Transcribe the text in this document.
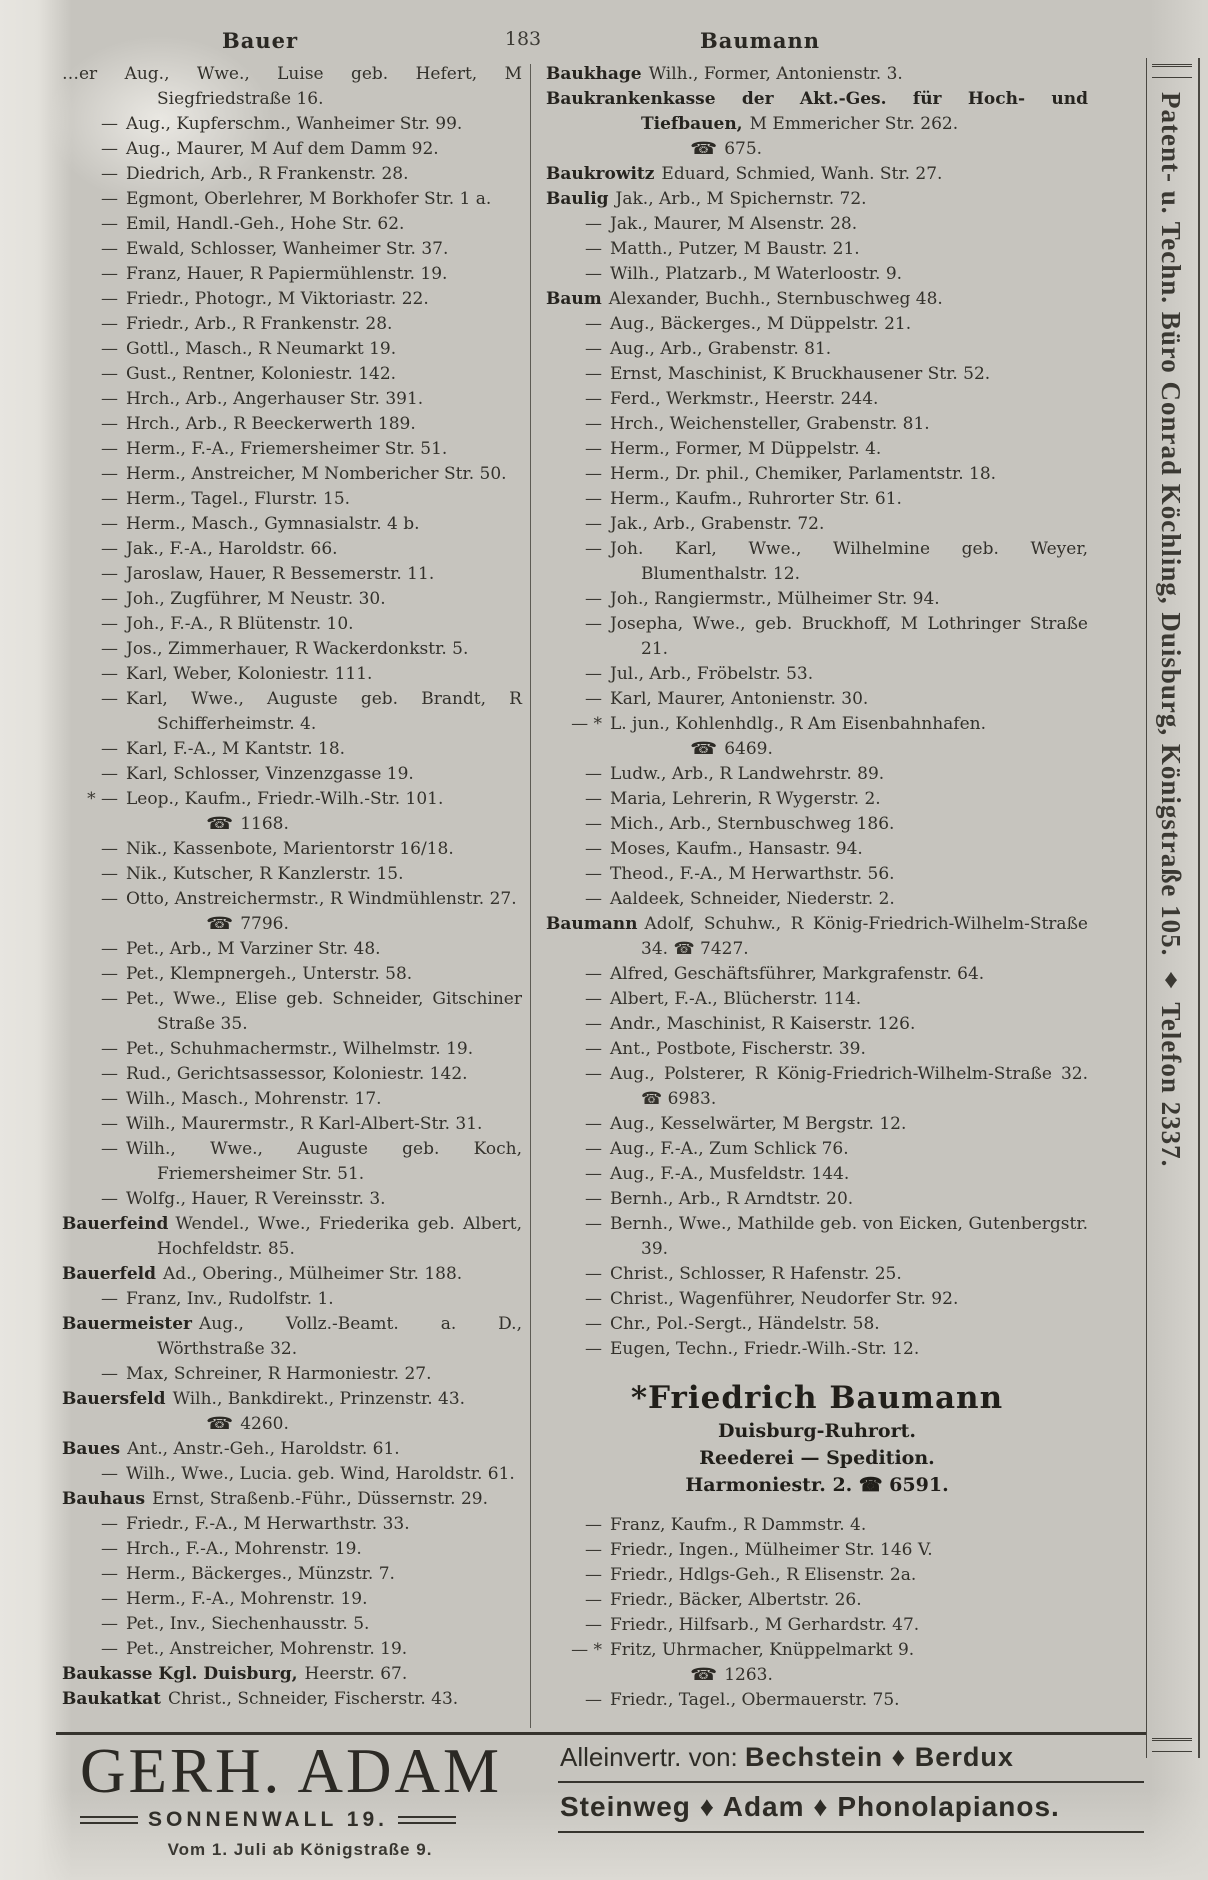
Bauer	183	Baumann
…er Aug., Wwe., Luise geb. Hefert, M Siegfriedstraße 16.
— Aug., Kupferschm., Wanheimer Str. 99.
— Aug., Maurer, M Auf dem Damm 92.
— Diedrich, Arb., R Frankenstr. 28.
— Egmont, Oberlehrer, M Borkhofer Str. 1 a.
— Emil, Handl.-Geh., Hohe Str. 62.
— Ewald, Schlosser, Wanheimer Str. 37.
— Franz, Hauer, R Papiermühlenstr. 19.
— Friedr., Photogr., M Viktoriastr. 22.
— Friedr., Arb., R Frankenstr. 28.
— Gottl., Masch., R Neumarkt 19.
— Gust., Rentner, Koloniestr. 142.
— Hrch., Arb., Angerhauser Str. 391.
— Hrch., Arb., R Beeckerwerth 189.
— Herm., F.-A., Friemersheimer Str. 51.
— Herm., Anstreicher, M Nombericher Str. 50.
— Herm., Tagel., Flurstr. 15.
— Herm., Masch., Gymnasialstr. 4 b.
— Jak., F.-A., Haroldstr. 66.
— Jaroslaw, Hauer, R Bessemerstr. 11.
— Joh., Zugführer, M Neustr. 30.
— Joh., F.-A., R Blütenstr. 10.
— Jos., Zimmerhauer, R Wackerdonkstr. 5.
— Karl, Weber, Koloniestr. 111.
— Karl, Wwe., Auguste geb. Brandt, R Schifferheimstr. 4.
— Karl, F.-A., M Kantstr. 18.
— Karl, Schlosser, Vinzenzgasse 19.
* — Leop., Kaufm., Friedr.-Wilh.-Str. 101.
☎ 1168.
— Nik., Kassenbote, Marientorstr 16/18.
— Nik., Kutscher, R Kanzlerstr. 15.
— Otto, Anstreichermstr., R Windmühlenstr. 27.
☎ 7796.
— Pet., Arb., M Varziner Str. 48.
— Pet., Klempnergeh., Unterstr. 58.
— Pet., Wwe., Elise geb. Schneider, Gitschiner Straße 35.
— Pet., Schuhmachermstr., Wilhelmstr. 19.
— Rud., Gerichtsassessor, Koloniestr. 142.
— Wilh., Masch., Mohrenstr. 17.
— Wilh., Maurermstr., R Karl-Albert-Str. 31.
— Wilh., Wwe., Auguste geb. Koch, Friemersheimer Str. 51.
— Wolfg., Hauer, R Vereinsstr. 3.
Bauerfeind Wendel., Wwe., Friederika geb. Albert, Hochfeldstr. 85.
Bauerfeld Ad., Obering., Mülheimer Str. 188.
— Franz, Inv., Rudolfstr. 1.
Bauermeister Aug., Vollz.-Beamt. a. D., Wörthstraße 32.
— Max, Schreiner, R Harmoniestr. 27.
Bauersfeld Wilh., Bankdirekt., Prinzenstr. 43.
☎ 4260.
Baues Ant., Anstr.-Geh., Haroldstr. 61.
— Wilh., Wwe., Lucia. geb. Wind, Haroldstr. 61.
Bauhaus Ernst, Straßenb.-Führ., Düssernstr. 29.
— Friedr., F.-A., M Herwarthstr. 33.
— Hrch., F.-A., Mohrenstr. 19.
— Herm., Bäckerges., Münzstr. 7.
— Herm., F.-A., Mohrenstr. 19.
— Pet., Inv., Siechenhausstr. 5.
— Pet., Anstreicher, Mohrenstr. 19.
Baukasse Kgl. Duisburg, Heerstr. 67.
Baukatkat Christ., Schneider, Fischerstr. 43.
Baukhage Wilh., Former, Antonienstr. 3.
Baukrankenkasse der Akt.-Ges. für Hoch- und Tiefbauen, M Emmericher Str. 262.
☎ 675.
Baukrowitz Eduard, Schmied, Wanh. Str. 27.
Baulig Jak., Arb., M Spichernstr. 72.
— Jak., Maurer, M Alsenstr. 28.
— Matth., Putzer, M Baustr. 21.
— Wilh., Platzarb., M Waterloostr. 9.
Baum Alexander, Buchh., Sternbuschweg 48.
— Aug., Bäckerges., M Düppelstr. 21.
— Aug., Arb., Grabenstr. 81.
— Ernst, Maschinist, K Bruckhausener Str. 52.
— Ferd., Werkmstr., Heerstr. 244.
— Hrch., Weichensteller, Grabenstr. 81.
— Herm., Former, M Düppelstr. 4.
— Herm., Dr. phil., Chemiker, Parlamentstr. 18.
— Herm., Kaufm., Ruhrorter Str. 61.
— Jak., Arb., Grabenstr. 72.
— Joh. Karl, Wwe., Wilhelmine geb. Weyer, Blumenthalstr. 12.
— Joh., Rangiermstr., Mülheimer Str. 94.
— Josepha, Wwe., geb. Bruckhoff, M Lothringer Straße 21.
— Jul., Arb., Fröbelstr. 53.
— Karl, Maurer, Antonienstr. 30.
— * L. jun., Kohlenhdlg., R Am Eisenbahnhafen.
☎ 6469.
— Ludw., Arb., R Landwehrstr. 89.
— Maria, Lehrerin, R Wygerstr. 2.
— Mich., Arb., Sternbuschweg 186.
— Moses, Kaufm., Hansastr. 94.
— Theod., F.-A., M Herwarthstr. 56.
— Aaldeek, Schneider, Niederstr. 2.
Baumann Adolf, Schuhw., R König-Friedrich-Wilhelm-Straße 34. ☎ 7427.
— Alfred, Geschäftsführer, Markgrafenstr. 64.
— Albert, F.-A., Blücherstr. 114.
— Andr., Maschinist, R Kaiserstr. 126.
— Ant., Postbote, Fischerstr. 39.
— Aug., Polsterer, R König-Friedrich-Wilhelm-Straße 32. ☎ 6983.
— Aug., Kesselwärter, M Bergstr. 12.
— Aug., F.-A., Zum Schlick 76.
— Aug., F.-A., Musfeldstr. 144.
— Bernh., Arb., R Arndtstr. 20.
— Bernh., Wwe., Mathilde geb. von Eicken, Gutenbergstr. 39.
— Christ., Schlosser, R Hafenstr. 25.
— Christ., Wagenführer, Neudorfer Str. 92.
— Chr., Pol.-Sergt., Händelstr. 58.
— Eugen, Techn., Friedr.-Wilh.-Str. 12.
*Friedrich Baumann
Duisburg-Ruhrort.
Reederei — Spedition.
Harmoniestr. 2. ☎ 6591.
— Franz, Kaufm., R Dammstr. 4.
— Friedr., Ingen., Mülheimer Str. 146 V.
— Friedr., Hdlgs-Geh., R Elisenstr. 2a.
— Friedr., Bäcker, Albertstr. 26.
— Friedr., Hilfsarb., M Gerhardstr. 47.
— * Fritz, Uhrmacher, Knüppelmarkt 9.
☎ 1263.
— Friedr., Tagel., Obermauerstr. 75.
Patent- u. Techn. Büro Conrad Köchling, Duisburg, Königstraße 105. ♦ Telefon 2337.
GERH. ADAM
SONNENWALL 19.
Vom 1. Juli ab Königstraße 9.
Alleinvertr. von: Bechstein ♦ Berdux
Steinweg ♦ Adam ♦ Phonolapianos.
